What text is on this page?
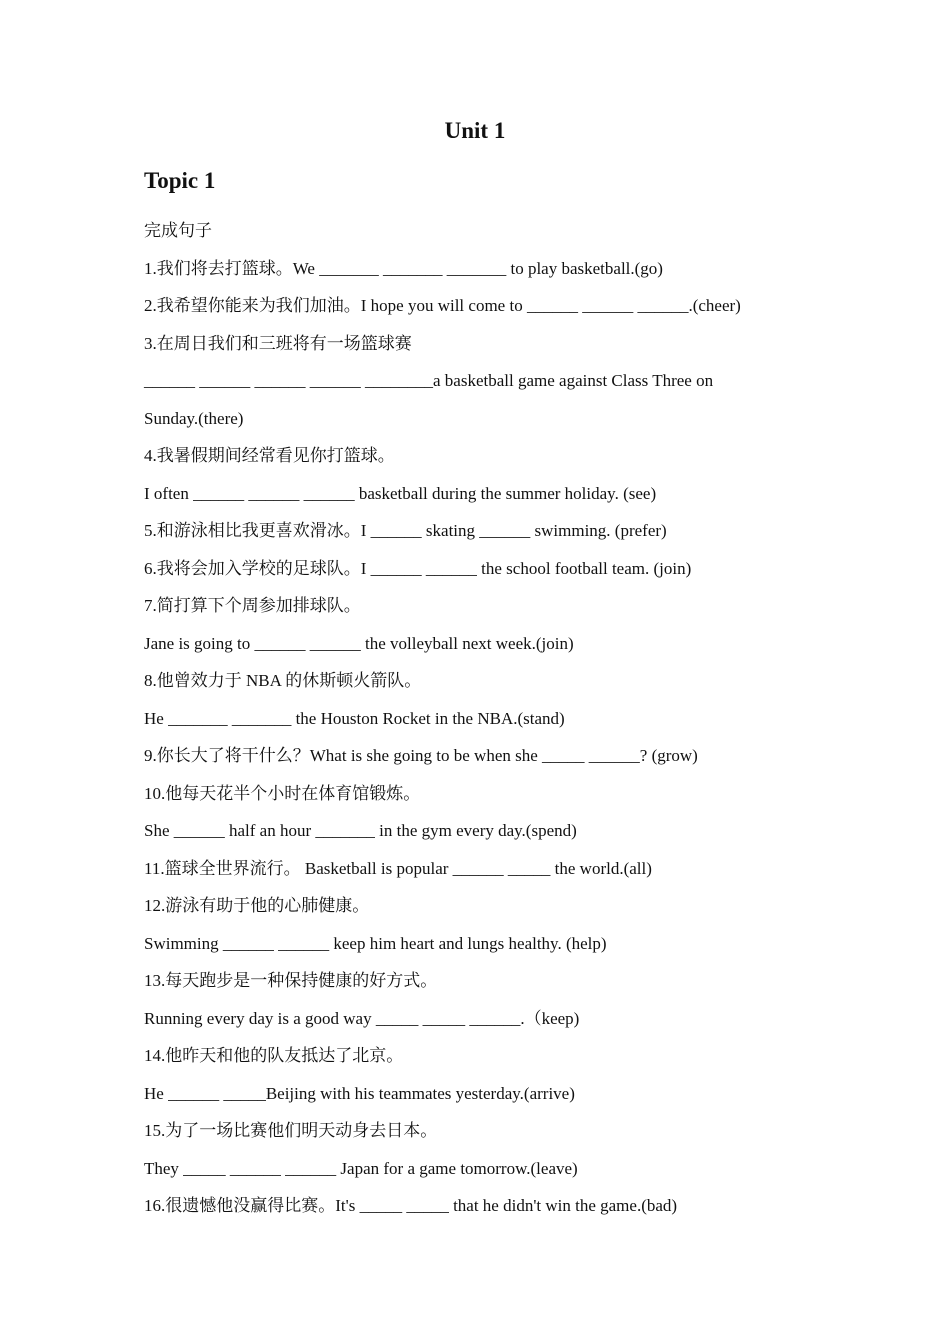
Unit 1
Topic 1
完成句子
1.我们将去打篮球。We _______ _______ _______ to play basketball.(go)
2.我希望你能来为我们加油。I hope you will come to ______ ______ ______.(cheer)
3.在周日我们和三班将有一场篮球赛
______ ______ ______ ______ ________a basketball game against Class Three on
Sunday.(there)
4.我暑假期间经常看见你打篮球。
I often ______ ______ ______ basketball during the summer holiday. (see)
5.和游泳相比我更喜欢滑冰。I ______ skating ______ swimming. (prefer)
6.我将会加入学校的足球队。I ______ ______ the school football team. (join)
7.简打算下个周参加排球队。
Jane is going to ______ ______ the volleyball next week.(join)
8.他曾效力于 NBA 的休斯顿火箭队。
He _______ _______ the Houston Rocket in the NBA.(stand)
9.你长大了将干什么？What is she going to be when she _____ ______? (grow)
10.他每天花半个小时在体育馆锻炼。
She ______ half an hour _______ in the gym every day.(spend)
11.篮球全世界流行。 Basketball is popular ______ _____ the world.(all)
12.游泳有助于他的心肺健康。
Swimming ______ ______ keep him heart and lungs healthy. (help)
13.每天跑步是一种保持健康的好方式。
Running every day is a good way _____ _____ ______.（keep)
14.他昨天和他的队友抵达了北京。
He ______ _____Beijing with his teammates yesterday.(arrive)
15.为了一场比赛他们明天动身去日本。
They _____ ______ ______ Japan for a game tomorrow.(leave)
16.很遗憾他没赢得比赛。It's _____ _____ that he didn't win the game.(bad)
